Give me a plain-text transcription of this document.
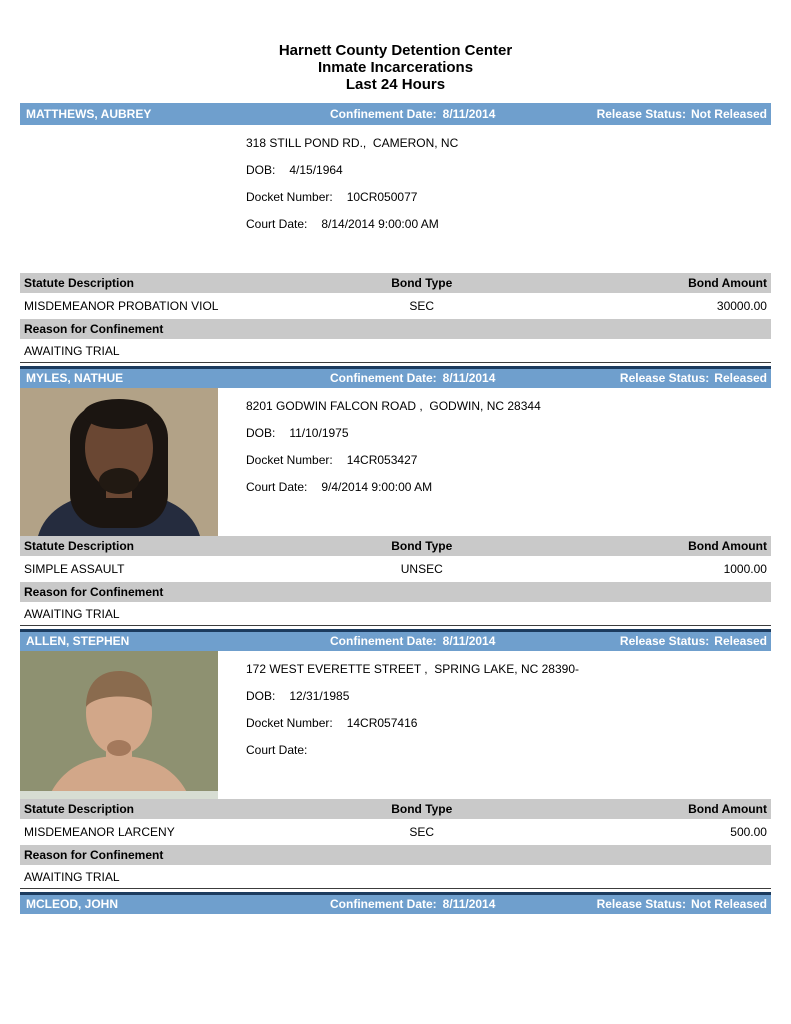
Harnett County Detention Center
Inmate Incarcerations
Last 24 Hours
MATTHEWS, AUBREY	Confinement Date: 8/11/2014	Release Status: Not Released
318 STILL POND RD.,  CAMERON, NC
DOB: 4/15/1964
Docket Number: 10CR050077
Court Date: 8/14/2014 9:00:00 AM
Statute Description	Bond Type	Bond Amount
MISDEMEANOR PROBATION VIOL	SEC	30000.00
Reason for Confinement
AWAITING TRIAL
MYLES, NATHUE	Confinement Date: 8/11/2014	Release Status: Released
8201 GODWIN FALCON ROAD ,  GODWIN, NC 28344
DOB: 11/10/1975
Docket Number: 14CR053427
Court Date: 9/4/2014 9:00:00 AM
Statute Description	Bond Type	Bond Amount
SIMPLE ASSAULT	UNSEC	1000.00
Reason for Confinement
AWAITING TRIAL
ALLEN, STEPHEN	Confinement Date: 8/11/2014	Release Status: Released
172 WEST EVERETTE STREET ,  SPRING LAKE, NC 28390-
DOB: 12/31/1985
Docket Number: 14CR057416
Court Date:
Statute Description	Bond Type	Bond Amount
MISDEMEANOR LARCENY	SEC	500.00
Reason for Confinement
AWAITING TRIAL
MCLEOD, JOHN	Confinement Date: 8/11/2014	Release Status: Not Released
